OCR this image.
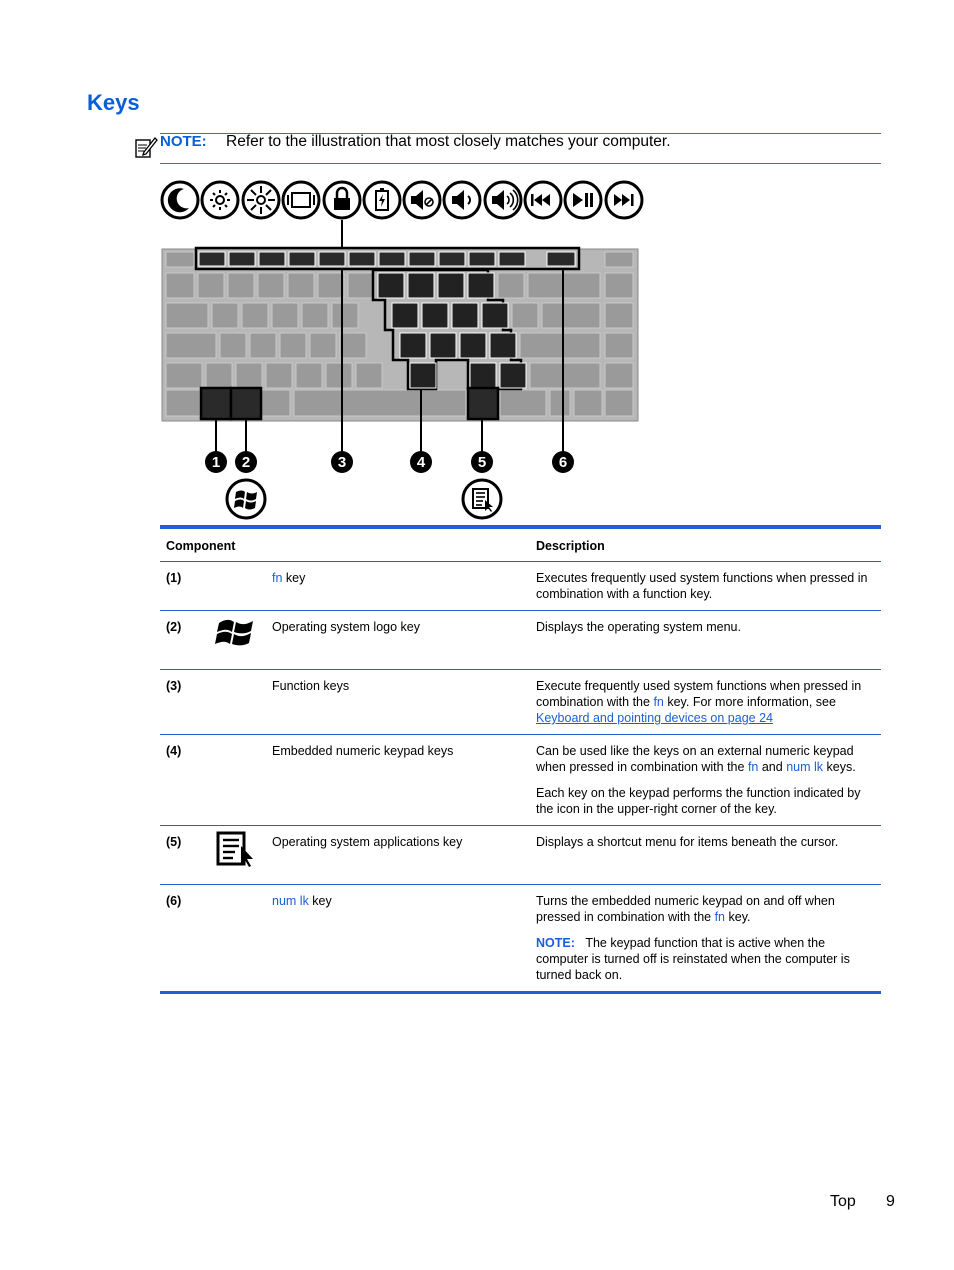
Keys
NOTE: Refer to the illustration that most closely matches your computer.
1 2	3	4	5	6
Component		Description
(1)	fn key	Executes frequently used system functions when pressed in combination with a function key.

(2)	Operating system logo key	Displays the operating system menu.

(3)	Function keys	Execute frequently used system functions when pressed in combination with the fn key. For more information, see Keyboard and pointing devices on page 24
(4)	Embedded numeric keypad keys	Can be used like the keys on an external numeric keypad when pressed in combination with the fn and num lk keys.

Each key on the keypad performs the function indicated by the icon in the upper-right corner of the key.

(5)	Operating system applications key	Displays a shortcut menu for items beneath the cursor.

(6)	num lk key	Turns the embedded numeric keypad on and off when pressed in combination with the fn key.

NOTE: The keypad function that is active when the computer is turned off is reinstated when the computer is turned back on.

Top 9
